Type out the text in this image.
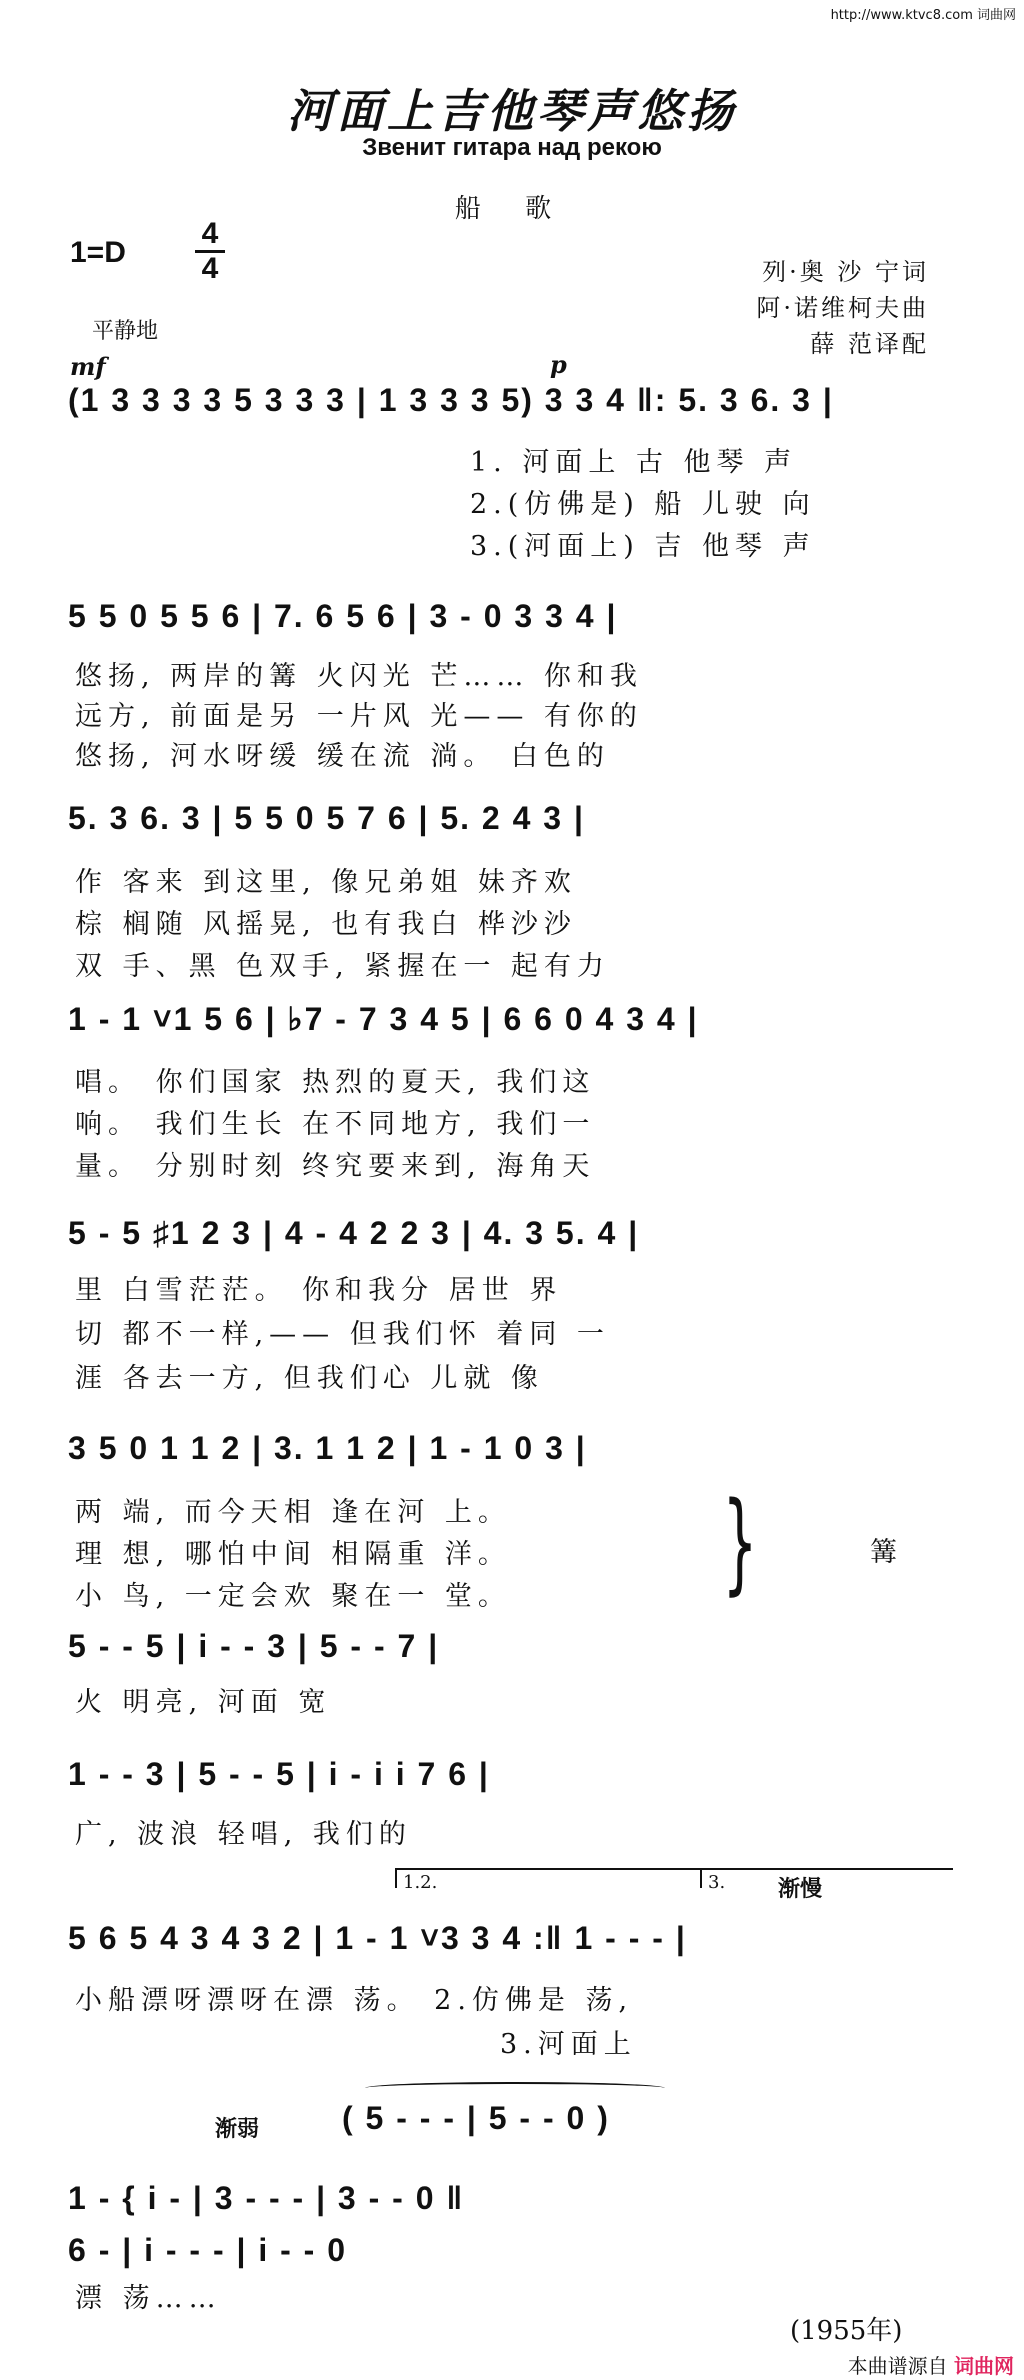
http://www.ktvc8.com 词曲网
河面上吉他琴声悠扬
Звенит гитара над рекою
船 歌
1=D
4
4	列·奥 沙 宁词
阿·诺维柯夫曲
薛 范译配
平静地
mf	p
(1 3 3 3 3 5 3 3 3 | 1 3 3 3 5) 3 3 4 ‖: 5. 3 6. 3 |
1. 河面上 古 他琴 声
2.(仿佛是) 船 儿驶 向
3.(河面上) 吉 他琴 声
5 5 0 5 5 6 | 7. 6 5 6 | 3 - 0 3 3 4 |
悠扬, 两岸的篝 火闪光 芒…… 你和我
远方, 前面是另 一片风 光—— 有你的
悠扬, 河水呀缓 缓在流 淌。 白色的
5. 3 6. 3 | 5 5 0 5 7 6 | 5. 2 4 3 |
作 客来 到这里, 像兄弟姐 妹齐欢
棕 榈随 风摇晃, 也有我白 桦沙沙
双 手、黑 色双手, 紧握在一 起有力
1 - 1 ˅1 5 6 | ♭7 - 7 3 4 5 | 6 6 0 4 3 4 |
唱。 你们国家 热烈的夏天, 我们这
响。 我们生长 在不同地方, 我们一
量。 分别时刻 终究要来到, 海角天
5 - 5 ♯1 2 3 | 4 - 4 2 2 3 | 4. 3 5. 4 |
里 白雪茫茫。 你和我分 居世 界
切 都不一样,—— 但我们怀 着同 一
涯 各去一方, 但我们心 儿就 像
3 5 0 1 1 2 | 3. 1 1 2 | 1 - 1 0 3 |
两 端, 而今天相 逢在河 上。
理 想, 哪怕中间 相隔重 洋。
小 鸟, 一定会欢 聚在一 堂。	}	篝
5 - - 5 | i - - 3 | 5 - - 7 |
火 明亮, 河面 宽
1 - - 3 | 5 - - 5 | i - i i 7 6 |
广, 波浪 轻唱, 我们的
1.2.	3.	渐慢
5 6 5 4 3 4 3 2 | 1 - 1 ˅3 3 4 :‖ 1 - - - |
小船漂呀漂呀在漂 荡。 2.仿佛是 荡,
3.河面上
渐弱	( 5 - - - | 5 - - 0 )
1 - { i - | 3 - - - | 3 - - 0 ‖
6 - | i - - - | i - - 0
漂 荡……
(1955年)
本曲谱源自 词曲网
